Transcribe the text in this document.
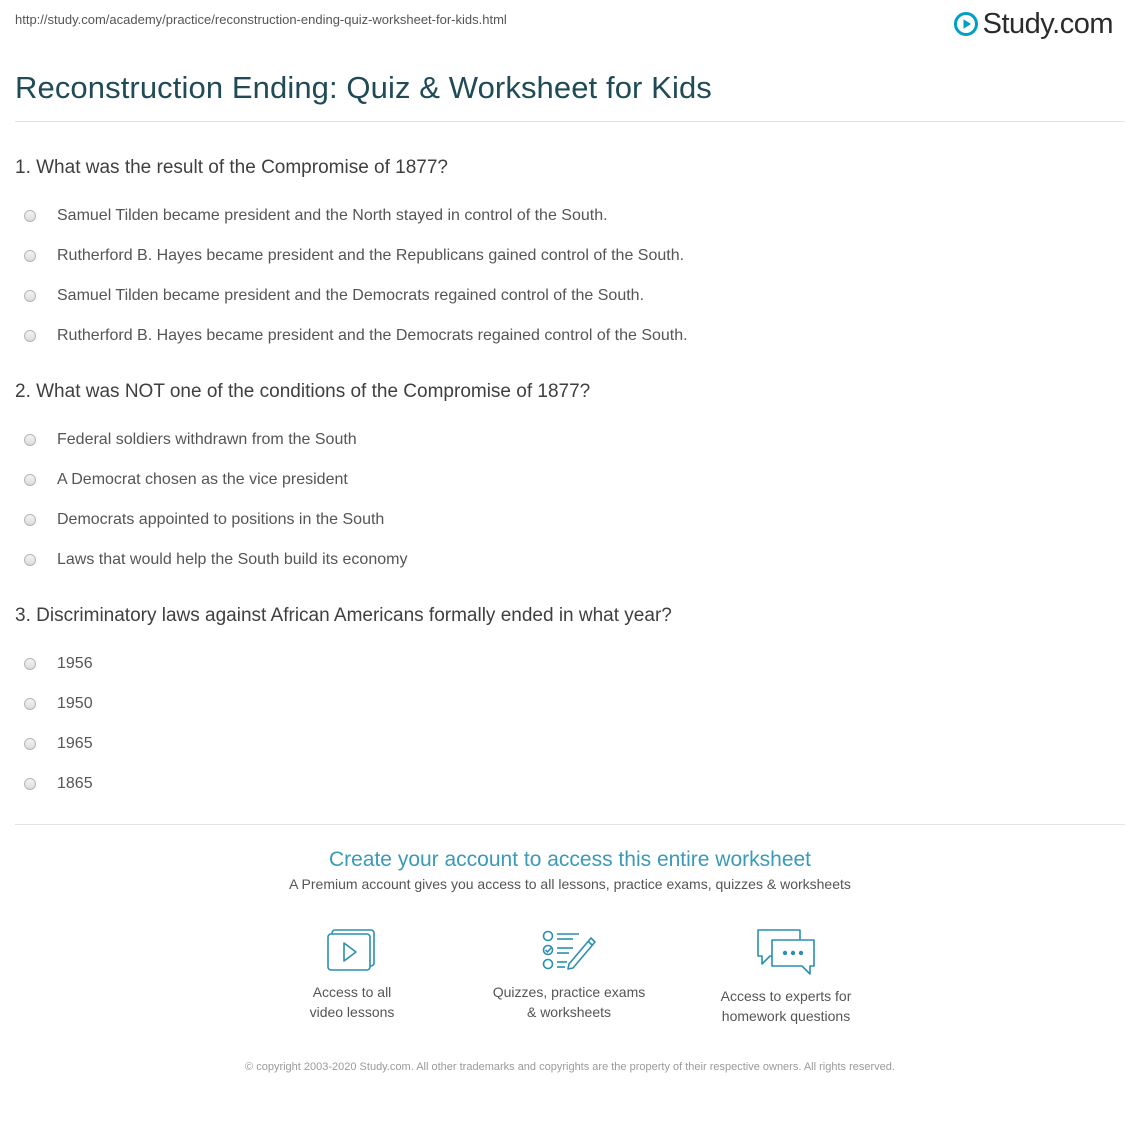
http://study.com/academy/practice/reconstruction-ending-quiz-worksheet-for-kids.html	Study.com
Reconstruction Ending: Quiz & Worksheet for Kids
1. What was the result of the Compromise of 1877?
Samuel Tilden became president and the North stayed in control of the South.
Rutherford B. Hayes became president and the Republicans gained control of the South.
Samuel Tilden became president and the Democrats regained control of the South.
Rutherford B. Hayes became president and the Democrats regained control of the South.
2. What was NOT one of the conditions of the Compromise of 1877?
Federal soldiers withdrawn from the South
A Democrat chosen as the vice president
Democrats appointed to positions in the South
Laws that would help the South build its economy
3. Discriminatory laws against African Americans formally ended in what year?
1956
1950
1965
1865
Create your account to access this entire worksheet
A Premium account gives you access to all lessons, practice exams, quizzes & worksheets
Access to all
video lessons
Quizzes, practice exams
& worksheets
Access to experts for
homework questions
© copyright 2003-2020 Study.com. All other trademarks and copyrights are the property of their respective owners. All rights reserved.
